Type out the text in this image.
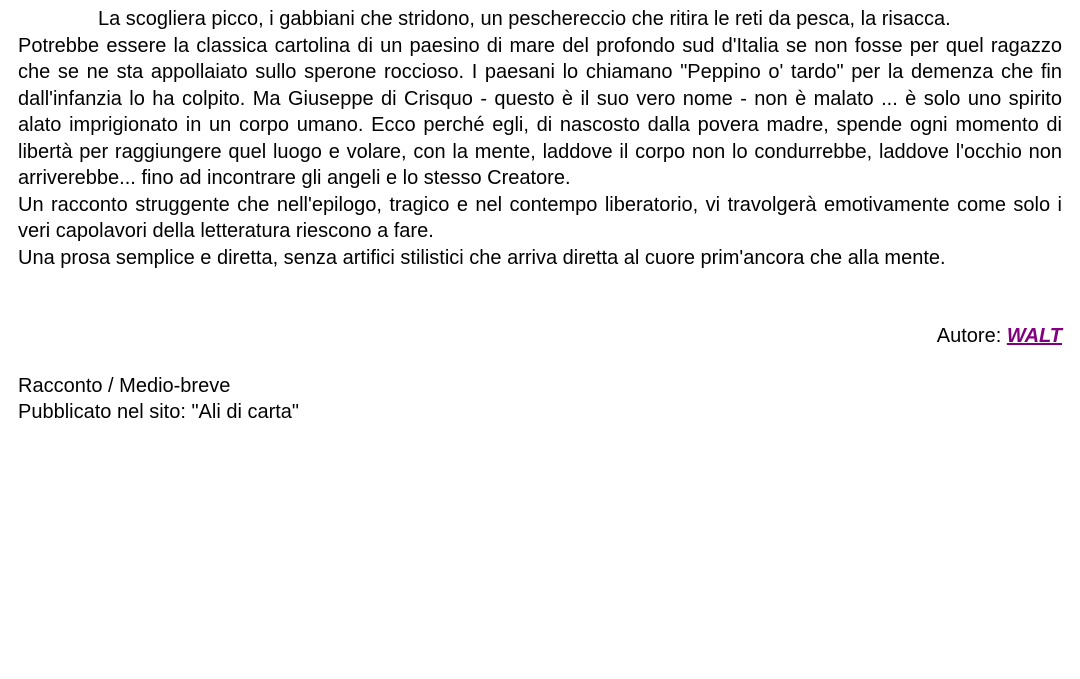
La scogliera picco, i gabbiani che stridono, un peschereccio che ritira le reti da pesca, la risacca.

Potrebbe essere la classica cartolina di un paesino di mare del profondo sud d'Italia se non fosse per quel ragazzo che se ne sta appollaiato sullo sperone roccioso. I paesani lo chiamano "Peppino o' tardo" per la demenza che fin dall'infanzia lo ha colpito. Ma Giuseppe di Crisquo - questo è il suo vero nome - non è malato ... è solo uno spirito alato imprigionato in un corpo umano. Ecco perché egli, di nascosto dalla povera madre, spende ogni momento di libertà per raggiungere quel luogo e volare, con la mente, laddove il corpo non lo condurrebbe, laddove l'occhio non arriverebbe... fino ad incontrare gli angeli e lo stesso Creatore.

Un racconto struggente che nell'epilogo, tragico e nel contempo liberatorio, vi travolgerà emotivamente come solo i veri capolavori della letteratura riescono a fare.

Una prosa semplice e diretta, senza artifici stilistici che arriva diretta al cuore prim'ancora che alla mente.

Autore: WALT

Racconto / Medio-breve
Pubblicato nel sito: "Ali di carta"
